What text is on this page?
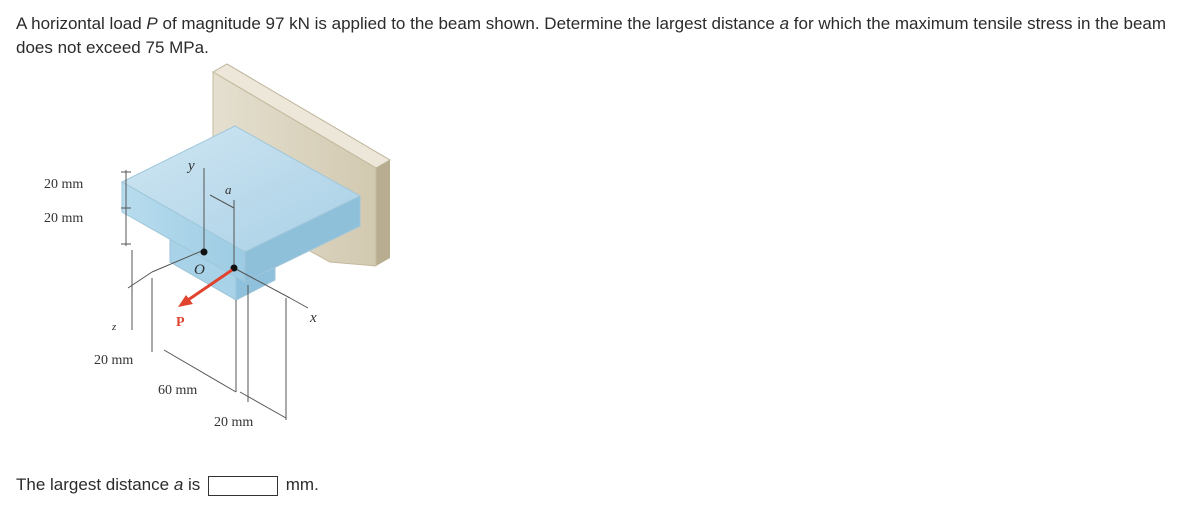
A horizontal load P of magnitude 97 kN is applied to the beam shown. Determine the largest distance a for which the maximum tensile stress in the beam does not exceed 75 MPa.

20 mm
20 mm
20 mm
60 mm
20 mm
y
x
z
O
a
P
The largest distance a is	mm.
